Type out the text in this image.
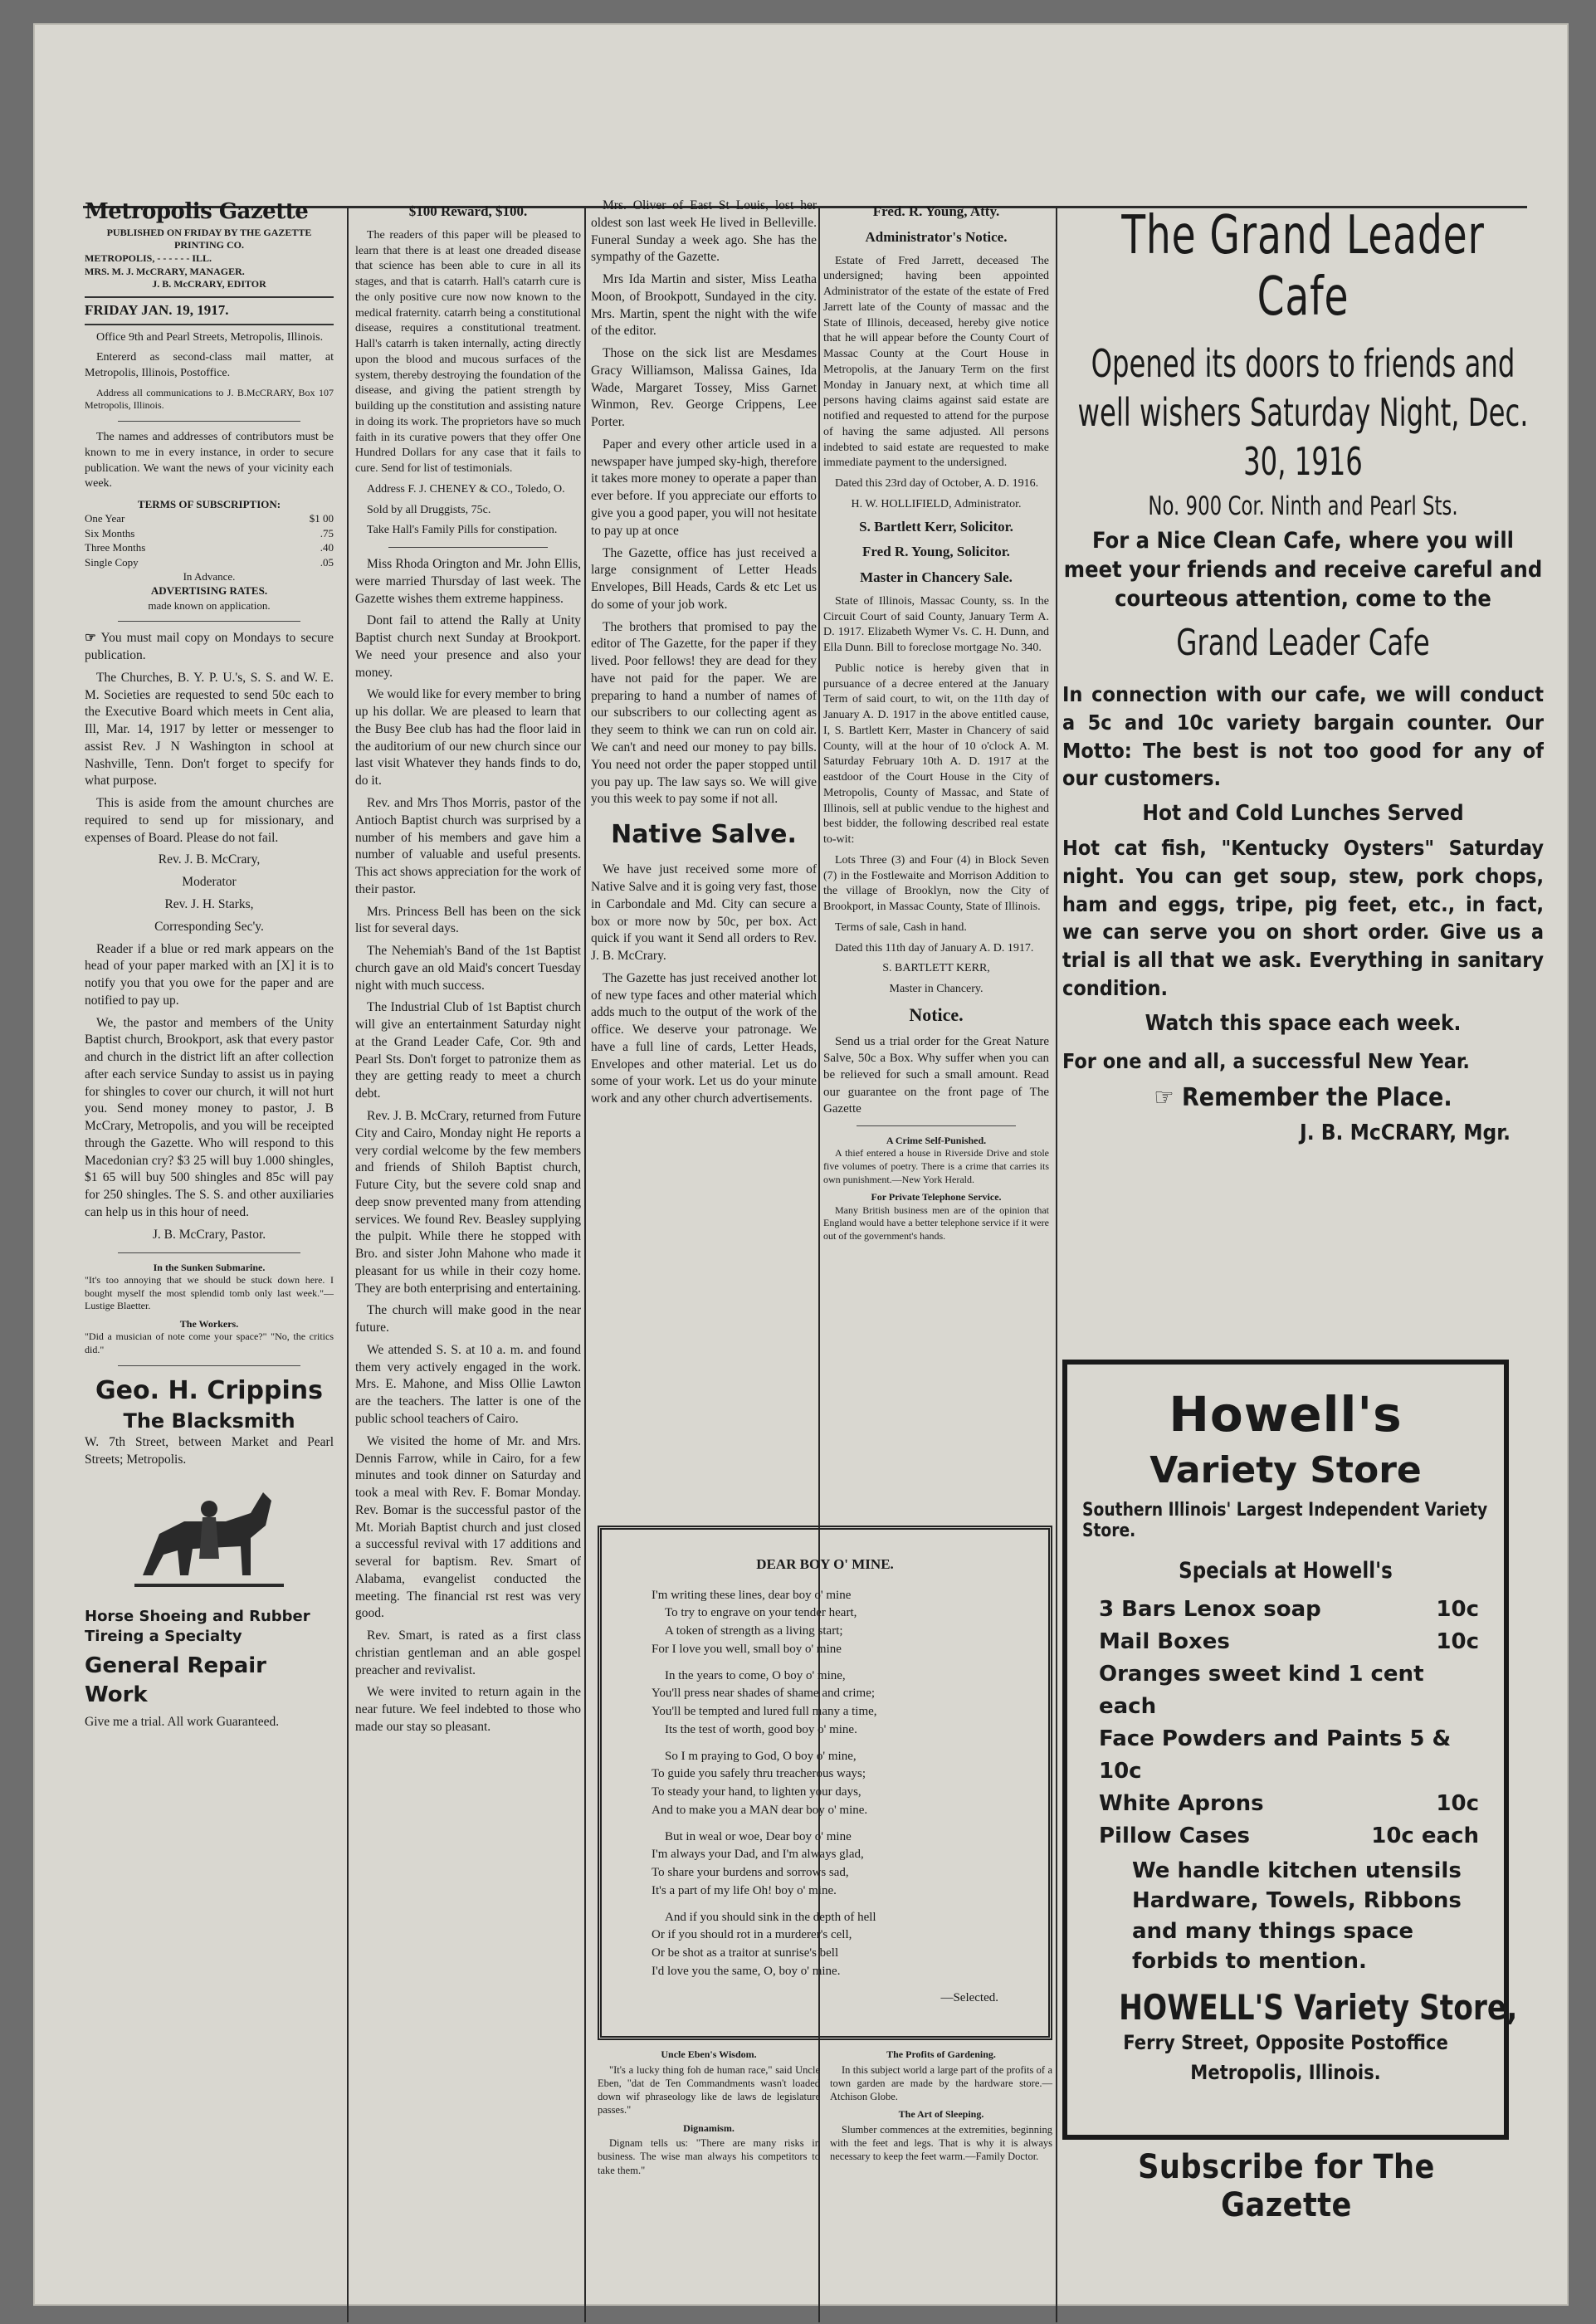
Metropolis Gazette
PUBLISHED ON FRIDAY BY THE GAZETTE PRINTING CO.
METROPOLIS, - - - - - - ILL.
MRS. M. J. McCRARY, MANAGER.
J. B. McCRARY, EDITOR

FRIDAY JAN. 19, 1917.

Office 9th and Pearl Streets, Metropolis, Illinois.

Entererd as second-class mail matter, at Metropolis, Illinois, Postoffice.

Address all communications to J. B.McCRARY, Box 107 Metropolis, Illinois.

The names and addresses of contributors must be known to me in every instance, in order to secure publication. We want the news of your vicinity each week.

TERMS OF SUBSCRIPTION:
One Year	$1 00
Six Months	.75
Three Months	.40
Single Copy	.05
In Advance.
ADVERTISING RATES.
made known on application.

☞ You must mail copy on Mondays to secure publication.

The Churches, B. Y. P. U.'s, S. S. and W. E. M. Societies are requested to send 50c each to the Executive Board which meets in Cent alia, Ill, Mar. 14, 1917 by letter or messenger to assist Rev. J N Washington in school at Nashville, Tenn. Don't forget to specify for what purpose.

This is aside from the amount churches are required to send up for missionary, and expenses of Board. Please do not fail.

Rev. J. B. McCrary,

Moderator

Rev. J. H. Starks,

Corresponding Sec'y.

Reader if a blue or red mark appears on the head of your paper marked with an [X] it is to notify you that you owe for the paper and are notified to pay up.

We, the pastor and members of the Unity Baptist church, Brookport, ask that every pastor and church in the district lift an after collection after each service Sunday to assist us in paying for shingles to cover our church, it will not hurt you. Send money money to pastor, J. B McCrary, Metropolis, and you will be receipted through the Gazette. Who will respond to this Macedonian cry? $3 25 will buy 1.000 shingles, $1 65 will buy 500 shingles and 85c will pay for 250 shingles. The S. S. and other auxiliaries can help us in this hour of need.

J. B. McCrary, Pastor.

In the Sunken Submarine.

"It's too annoying that we should be stuck down here. I bought myself the most splendid tomb only last week."—Lustige Blaetter.

The Workers.

"Did a musician of note come your space?" "No, the critics did."

Geo. H. Crippins
The Blacksmith

W. 7th Street, between Market and Pearl Streets; Metropolis.

Horse Shoeing and Rubber Tireing a Specialty

General Repair Work

Give me a trial. All work Guaranteed.

$100 Reward, $100.

The readers of this paper will be pleased to learn that there is at least one dreaded disease that science has been able to cure in all its stages, and that is catarrh. Hall's catarrh cure is the only positive cure now now known to the medical fraternity. catarrh being a constitutional disease, requires a constitutional treatment. Hall's catarrh is taken internally, acting directly upon the blood and mucous surfaces of the system, thereby destroying the foundation of the disease, and giving the patient strength by building up the constitution and assisting nature in doing its work. The proprietors have so much faith in its curative powers that they offer One Hundred Dollars for any case that it fails to cure. Send for list of testimonials.

Address F. J. CHENEY & CO., Toledo, O.

Sold by all Druggists, 75c.

Take Hall's Family Pills for constipation.

Miss Rhoda Orington and Mr. John Ellis, were married Thursday of last week. The Gazette wishes them extreme happiness.

Dont fail to attend the Rally at Unity Baptist church next Sunday at Brookport. We need your presence and also your money.

We would like for every member to bring up his dollar. We are pleased to learn that the Busy Bee club has had the floor laid in the auditorium of our new church since our last visit Whatever they hands finds to do, do it.

Rev. and Mrs Thos Morris, pastor of the Antioch Baptist church was surprised by a number of his members and gave him a number of valuable and useful presents. This act shows appreciation for the work of their pastor.

Mrs. Princess Bell has been on the sick list for several days.

The Nehemiah's Band of the 1st Baptist church gave an old Maid's concert Tuesday night with much success.

The Industrial Club of 1st Baptist church will give an entertainment Saturday night at the Grand Leader Cafe, Cor. 9th and Pearl Sts. Don't forget to patronize them as they are getting ready to meet a church debt.

Rev. J. B. McCrary, returned from Future City and Cairo, Monday night He reports a very cordial welcome by the few members and friends of Shiloh Baptist church, Future City, but the severe cold snap and deep snow prevented many from attending services. We found Rev. Beasley supplying the pulpit. While there he stopped with Bro. and sister John Mahone who made it pleasant for us while in their cozy home. They are both enterprising and entertaining.

The church will make good in the near future.

We attended S. S. at 10 a. m. and found them very actively engaged in the work. Mrs. E. Mahone, and Miss Ollie Lawton are the teachers. The latter is one of the public school teachers of Cairo.

We visited the home of Mr. and Mrs. Dennis Farrow, while in Cairo, for a few minutes and took dinner on Saturday and took a meal with Rev. F. Bomar Monday. Rev. Bomar is the successful pastor of the Mt. Moriah Baptist church and just closed a successful revival with 17 additions and several for baptism. Rev. Smart of Alabama, evangelist conducted the meeting. The financial rst rest was very good.

Rev. Smart, is rated as a first class christian gentleman and an able gospel preacher and revivalist.

We were invited to return again in the near future. We feel indebted to those who made our stay so pleasant.

Mrs. Oliver of East St Louis, lost her oldest son last week He lived in Belleville. Funeral Sunday a week ago. She has the sympathy of the Gazette.

Mrs Ida Martin and sister, Miss Leatha Moon, of Brookpott, Sundayed in the city. Mrs. Martin, spent the night with the wife of the editor.

Those on the sick list are Mesdames Gracy Williamson, Malissa Gaines, Ida Wade, Margaret Tossey, Miss Garnet Winmon, Rev. George Crippens, Lee Porter.

Paper and every other article used in a newspaper have jumped sky-high, therefore it takes more money to operate a paper than ever before. If you appreciate our efforts to give you a good paper, you will not hesitate to pay up at once

The Gazette, office has just received a large consignment of Letter Heads Envelopes, Bill Heads, Cards & etc Let us do some of your job work.

The brothers that promised to pay the editor of The Gazette, for the paper if they lived. Poor fellows! they are dead for they have not paid for the paper. We are preparing to hand a number of names of our subscribers to our collecting agent as they seem to think we can run on cold air. We can't and need our money to pay bills. You need not order the paper stopped until you pay up. The law says so. We will give you this week to pay some if not all.

Native Salve.

We have just received some more of Native Salve and it is going very fast, those in Carbondale and Md. City can secure a box or more now by 50c, per box. Act quick if you want it Send all orders to Rev. J. B. McCrary.

The Gazette has just received another lot of new type faces and other material which adds much to the output of the work of the office. We deserve your patronage. We have a full line of cards, Letter Heads, Envelopes and other material. Let us do some of your work. Let us do your minute work and any other church advertisements.

Fred. R. Young, Atty.
Administrator's Notice.

Estate of Fred Jarrett, deceased The undersigned; having been appointed Administrator of the estate of the estate of Fred Jarrett late of the County of massac and the State of Illinois, deceased, hereby give notice that he will appear before the County Court of Massac County at the Court House in Metropolis, at the January Term on the first Monday in January next, at which time all persons having claims against said estate are notified and requested to attend for the purpose of having the same adjusted. All persons indebted to said estate are requested to make immediate payment to the undersigned.

Dated this 23rd day of October, A. D. 1916.

H. W. HOLLIFIELD, Administrator.

S. Bartlett Kerr, Solicitor.
Fred R. Young, Solicitor.
Master in Chancery Sale.

State of Illinois, Massac County, ss. In the Circuit Court of said County, January Term A. D. 1917. Elizabeth Wymer Vs. C. H. Dunn, and Ella Dunn. Bill to foreclose mortgage No. 340.

Public notice is hereby given that in pursuance of a decree entered at the January Term of said court, to wit, on the 11th day of January A. D. 1917 in the above entitled cause, I, S. Bartlett Kerr, Master in Chancery of said County, will at the hour of 10 o'clock A. M. Saturday February 10th A. D. 1917 at the eastdoor of the Court House in the City of Metropolis, County of Massac, and State of Illinois, sell at public vendue to the highest and best bidder, the following described real estate to-wit:

Lots Three (3) and Four (4) in Block Seven (7) in the Fostlewaite and Morrison Addition to the village of Brooklyn, now the City of Brookport, in Massac County, State of Illinois.

Terms of sale, Cash in hand.

Dated this 11th day of January A. D. 1917.

S. BARTLETT KERR,

Master in Chancery.

Notice.

Send us a trial order for the Great Nature Salve, 50c a Box. Why suffer when you can be relieved for such a small amount. Read our guarantee on the front page of The Gazette

A Crime Self-Punished.

A thief entered a house in Riverside Drive and stole five volumes of poetry. There is a crime that carries its own punishment.—New York Herald.

For Private Telephone Service.

Many British business men are of the opinion that England would have a better telephone service if it were out of the government's hands.

DEAR BOY O' MINE.
I'm writing these lines, dear boy o' mine
To try to engrave on your tender heart,
A token of strength as a living start;
For I love you well, small boy o' mine
In the years to come, O boy o' mine,
You'll press near shades of shame and crime;
You'll be tempted and lured full many a time,
Its the test of worth, good boy o' mine.
So I m praying to God, O boy o' mine,
To guide you safely thru treacherous ways;
To steady your hand, to lighten your days,
And to make you a MAN dear boy o' mine.
But in weal or woe, Dear boy o' mine
I'm always your Dad, and I'm always glad,
To share your burdens and sorrows sad,
It's a part of my life Oh! boy o' mine.
And if you should sink in the depth of hell
Or if you should rot in a murderer's cell,
Or be shot as a traitor at sunrise's bell
I'd love you the same, O, boy o' mine.
—Selected.
Uncle Eben's Wisdom.

"It's a lucky thing foh de human race," said Uncle Eben, "dat de Ten Commandments wasn't loaded down wif phraseology like de laws de legislature passes."

Dignamism.

Dignam tells us: "There are many risks in business. The wise man always his competitors to take them."

The Profits of Gardening.

In this subject world a large part of the profits of a town garden are made by the hardware store.—Atchison Globe.

The Art of Sleeping.

Slumber commences at the extremities, beginning with the feet and legs. That is why it is always necessary to keep the feet warm.—Family Doctor.

The Grand Leader
Cafe
Opened its doors to friends and well wishers Saturday Night, Dec. 30, 1916
No. 900 Cor. Ninth and Pearl Sts.
For a Nice Clean Cafe, where you will meet your friends and receive careful and courteous attention, come to the
Grand Leader Cafe
In connection with our cafe, we will conduct a 5c and 10c variety bargain counter. Our Motto: The best is not too good for any of our customers.
Hot and Cold Lunches Served
Hot cat fish, "Kentucky Oysters" Saturday night. You can get soup, stew, pork chops, ham and eggs, tripe, pig feet, etc., in fact, we can serve you on short order. Give us a trial is all that we ask. Everything in sanitary condition.
Watch this space each week.
For one and all, a successful New Year.
☞ Remember the Place.
J. B. McCRARY, Mgr.
Howell's
Variety Store
Southern Illinois' Largest Independent Variety Store.
Specials at Howell's
3 Bars Lenox soap	10c
Mail Boxes	10c
Oranges sweet kind 1 cent each
Face Powders and Paints 5 & 10c
White Aprons	10c
Pillow Cases	10c each
We handle kitchen utensils Hardware, Towels, Ribbons and many things space forbids to mention.
HOWELL'S Variety Store,
Ferry Street, Opposite Postoffice
Metropolis, Illinois.
Subscribe for The Gazette
